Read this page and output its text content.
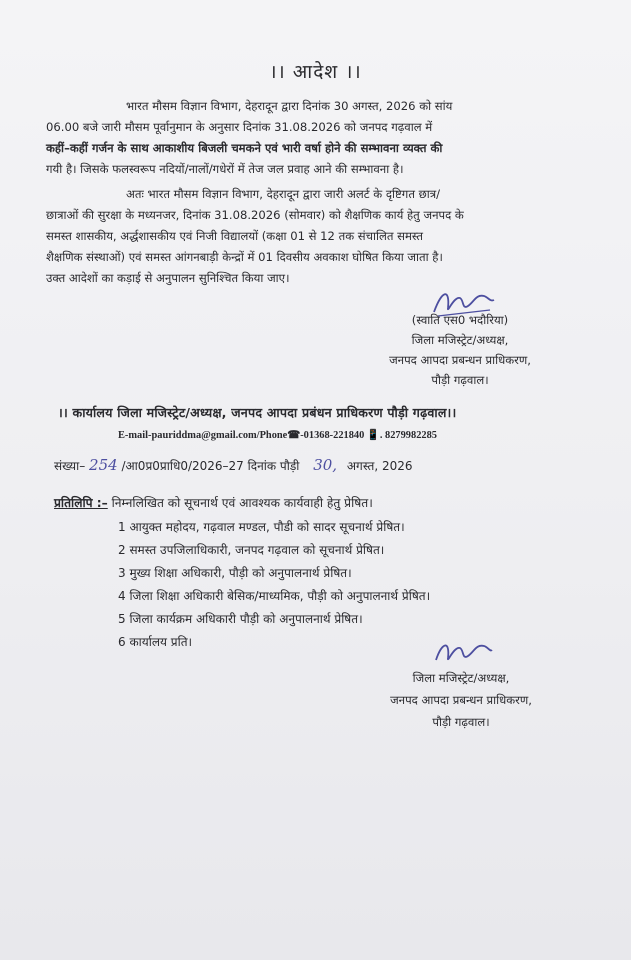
।। आदेश ।।
भारत मौसम विज्ञान विभाग, देहरादून द्वारा दिनांक 30 अगस्त, 2026 को सांय
06.00 बजे जारी मौसम पूर्वानुमान के अनुसार दिनांक 31.08.2026 को जनपद गढ़वाल में
कहीं–कहीं गर्जन के साथ आकाशीय बिजली चमकने एवं भारी वर्षा होने की सम्भावना व्यक्त की
गयी है। जिसके फलस्वरूप नदियों/नालों/गधेरों में तेज जल प्रवाह आने की सम्भावना है।
अतः भारत मौसम विज्ञान विभाग, देहरादून द्वारा जारी अलर्ट के दृष्टिगत छात्र/
छात्राओं की सुरक्षा के मध्यनजर, दिनांक 31.08.2026 (सोमवार) को शैक्षणिक कार्य हेतु जनपद के
समस्त शासकीय, अर्द्धशासकीय एवं निजी विद्यालयों (कक्षा 01 से 12 तक संचालित समस्त
शैक्षणिक संस्थाओं) एवं समस्त आंगनबाड़ी केन्द्रों में 01 दिवसीय अवकाश घोषित किया जाता है।
उक्त आदेशों का कड़ाई से अनुपालन सुनिश्चित किया जाए।
(स्वाति एस0 भदौरिया)
जिला मजिस्ट्रेट/अध्यक्ष,
जनपद आपदा प्रबन्धन प्राधिकरण,
पौड़ी गढ़वाल।
।। कार्यालय जिला मजिस्ट्रेट/अध्यक्ष, जनपद आपदा प्रबंधन प्राधिकरण पौड़ी गढ़वाल।।
E-mail-pauriddma@gmail.com/Phone☎-01368-221840 📱. 8279982285
संख्या– 254 /आ0प्र0प्राधि0/2026–27 दिनांक पौड़ी 30, अगस्त, 2026
प्रतिलिपि :– निम्नलिखित को सूचनार्थ एवं आवश्यक कार्यवाही हेतु प्रेषित।
1 आयुक्त महोदय, गढ़वाल मण्डल, पौडी को सादर सूचनार्थ प्रेषित।
2 समस्त उपजिलाधिकारी, जनपद गढ़वाल को सूचनार्थ प्रेषित।
3 मुख्य शिक्षा अधिकारी, पौड़ी को अनुपालनार्थ प्रेषित।
4 जिला शिक्षा अधिकारी बेसिक/माध्यमिक, पौड़ी को अनुपालनार्थ प्रेषित।
5 जिला कार्यक्रम अधिकारी पौड़ी को अनुपालनार्थ प्रेषित।
6 कार्यालय प्रति।
जिला मजिस्ट्रेट/अध्यक्ष,
जनपद आपदा प्रबन्धन प्राधिकरण,
पौड़ी गढ़वाल।
